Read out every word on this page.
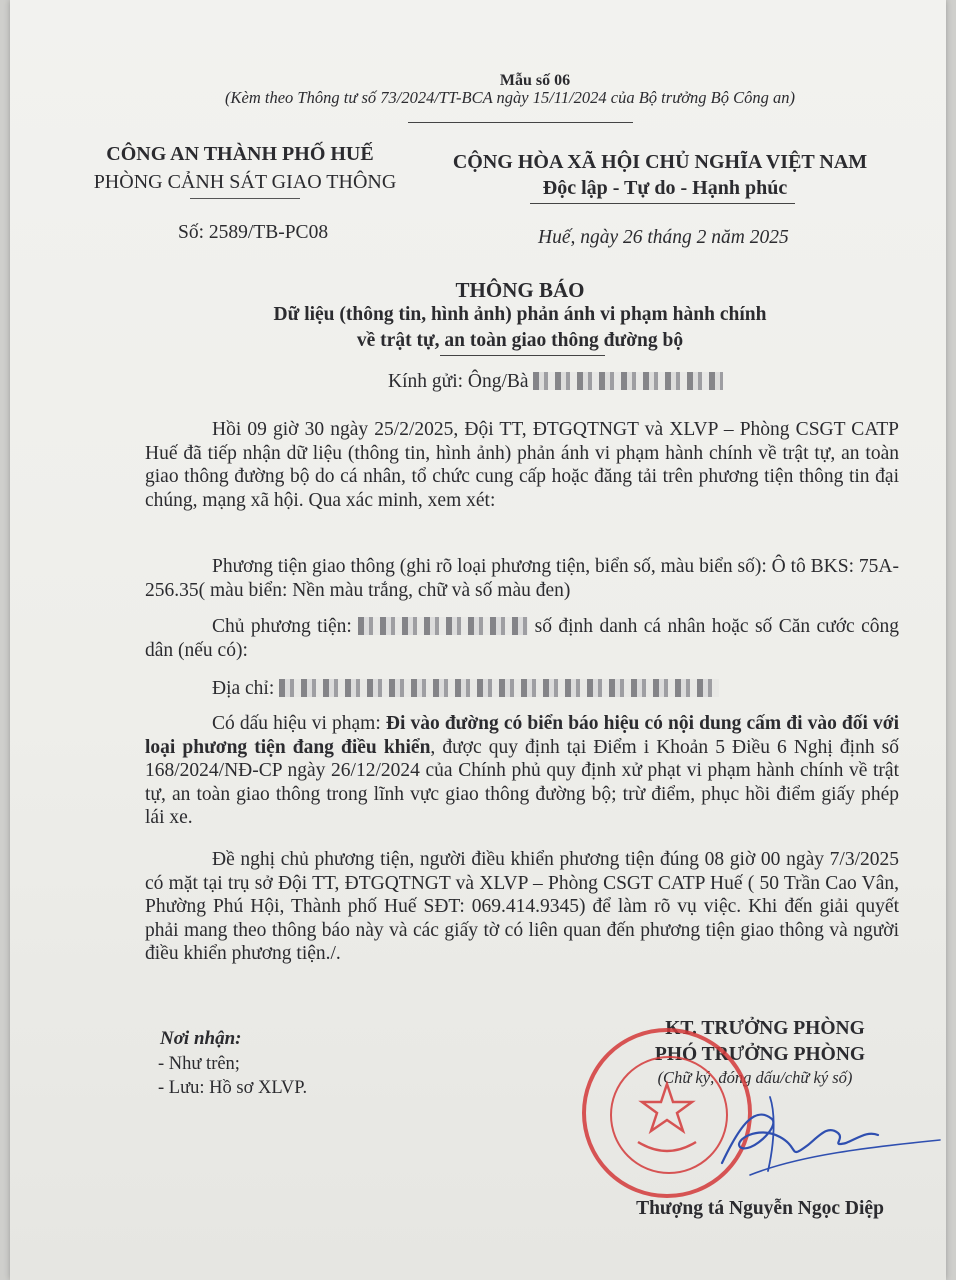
Mẫu số 06
(Kèm theo Thông tư số 73/2024/TT-BCA ngày 15/11/2024 của Bộ trưởng Bộ Công an)
CÔNG AN THÀNH PHỐ HUẾ
PHÒNG CẢNH SÁT GIAO THÔNG
Số: 2589/TB-PC08
CỘNG HÒA XÃ HỘI CHỦ NGHĨA VIỆT NAM
Độc lập - Tự do - Hạnh phúc
Huế, ngày 26 tháng 2 năm 2025
THÔNG BÁO
Dữ liệu (thông tin, hình ảnh) phản ánh vi phạm hành chính
về trật tự, an toàn giao thông đường bộ
Kính gửi: Ông/Bà
Hồi 09 giờ 30 ngày 25/2/2025, Đội TT, ĐTGQTNGT và XLVP – Phòng CSGT CATP Huế đã tiếp nhận dữ liệu (thông tin, hình ảnh) phản ánh vi phạm hành chính về trật tự, an toàn giao thông đường bộ do cá nhân, tổ chức cung cấp hoặc đăng tải trên phương tiện thông tin đại chúng, mạng xã hội. Qua xác minh, xem xét:
Phương tiện giao thông (ghi rõ loại phương tiện, biển số, màu biển số): Ô tô BKS: 75A-256.35( màu biển: Nền màu trắng, chữ và số màu đen)
Chủ phương tiện:	số định danh cá nhân hoặc số Căn cước công dân (nếu có):
Địa chỉ:
Có dấu hiệu vi phạm: Đi vào đường có biển báo hiệu có nội dung cấm đi vào đối với loại phương tiện đang điều khiển, được quy định tại Điểm i Khoản 5 Điều 6 Nghị định số 168/2024/NĐ-CP ngày 26/12/2024 của Chính phủ quy định xử phạt vi phạm hành chính về trật tự, an toàn giao thông trong lĩnh vực giao thông đường bộ; trừ điểm, phục hồi điểm giấy phép lái xe.
Đề nghị chủ phương tiện, người điều khiển phương tiện đúng 08 giờ 00 ngày 7/3/2025 có mặt tại trụ sở Đội TT, ĐTGQTNGT và XLVP – Phòng CSGT CATP Huế ( 50 Trần Cao Vân, Phường Phú Hội, Thành phố Huế SĐT: 069.414.9345) để làm rõ vụ việc. Khi đến giải quyết phải mang theo thông báo này và các giấy tờ có liên quan đến phương tiện giao thông và người điều khiển phương tiện./.
Nơi nhận:
- Như trên;
- Lưu: Hồ sơ XLVP.
KT. TRƯỞNG PHÒNG
PHÓ TRƯỞNG PHÒNG
(Chữ ký, đóng dấu/chữ ký số)
Thượng tá Nguyễn Ngọc Diệp
